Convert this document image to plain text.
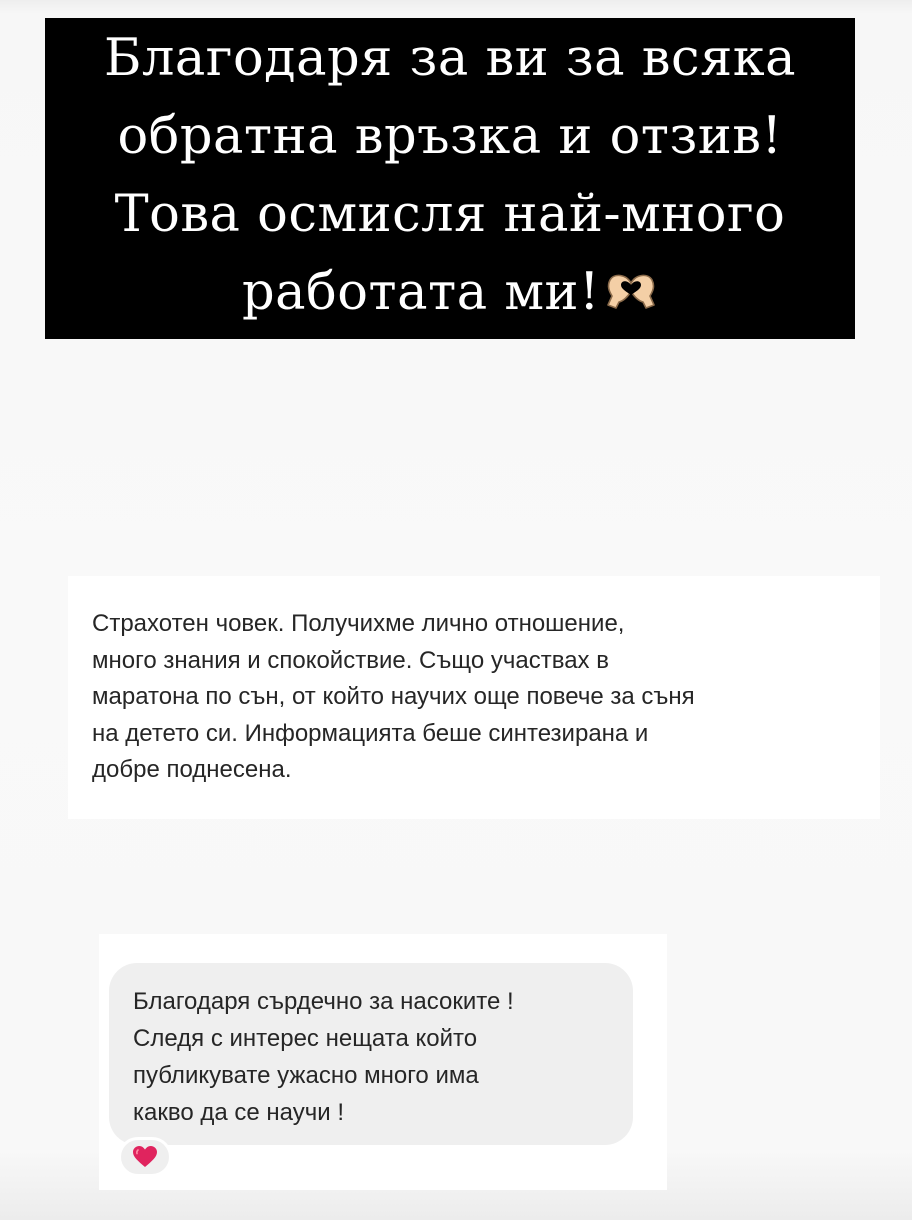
Благодаря за ви за всяка
обратна връзка и отзив!
Това осмисля най-много
работата ми!

Страхотен човек. Получихме лично отношение,
много знания и спокойствие. Също участвах в
маратона по сън, от който научих още повече за съня
на детето си. Информацията беше синтезирана и
добре поднесена.

Благодаря сърдечно за насоките !
Следя с интерес нещата който
публикувате ужасно много има
какво да се научи !
